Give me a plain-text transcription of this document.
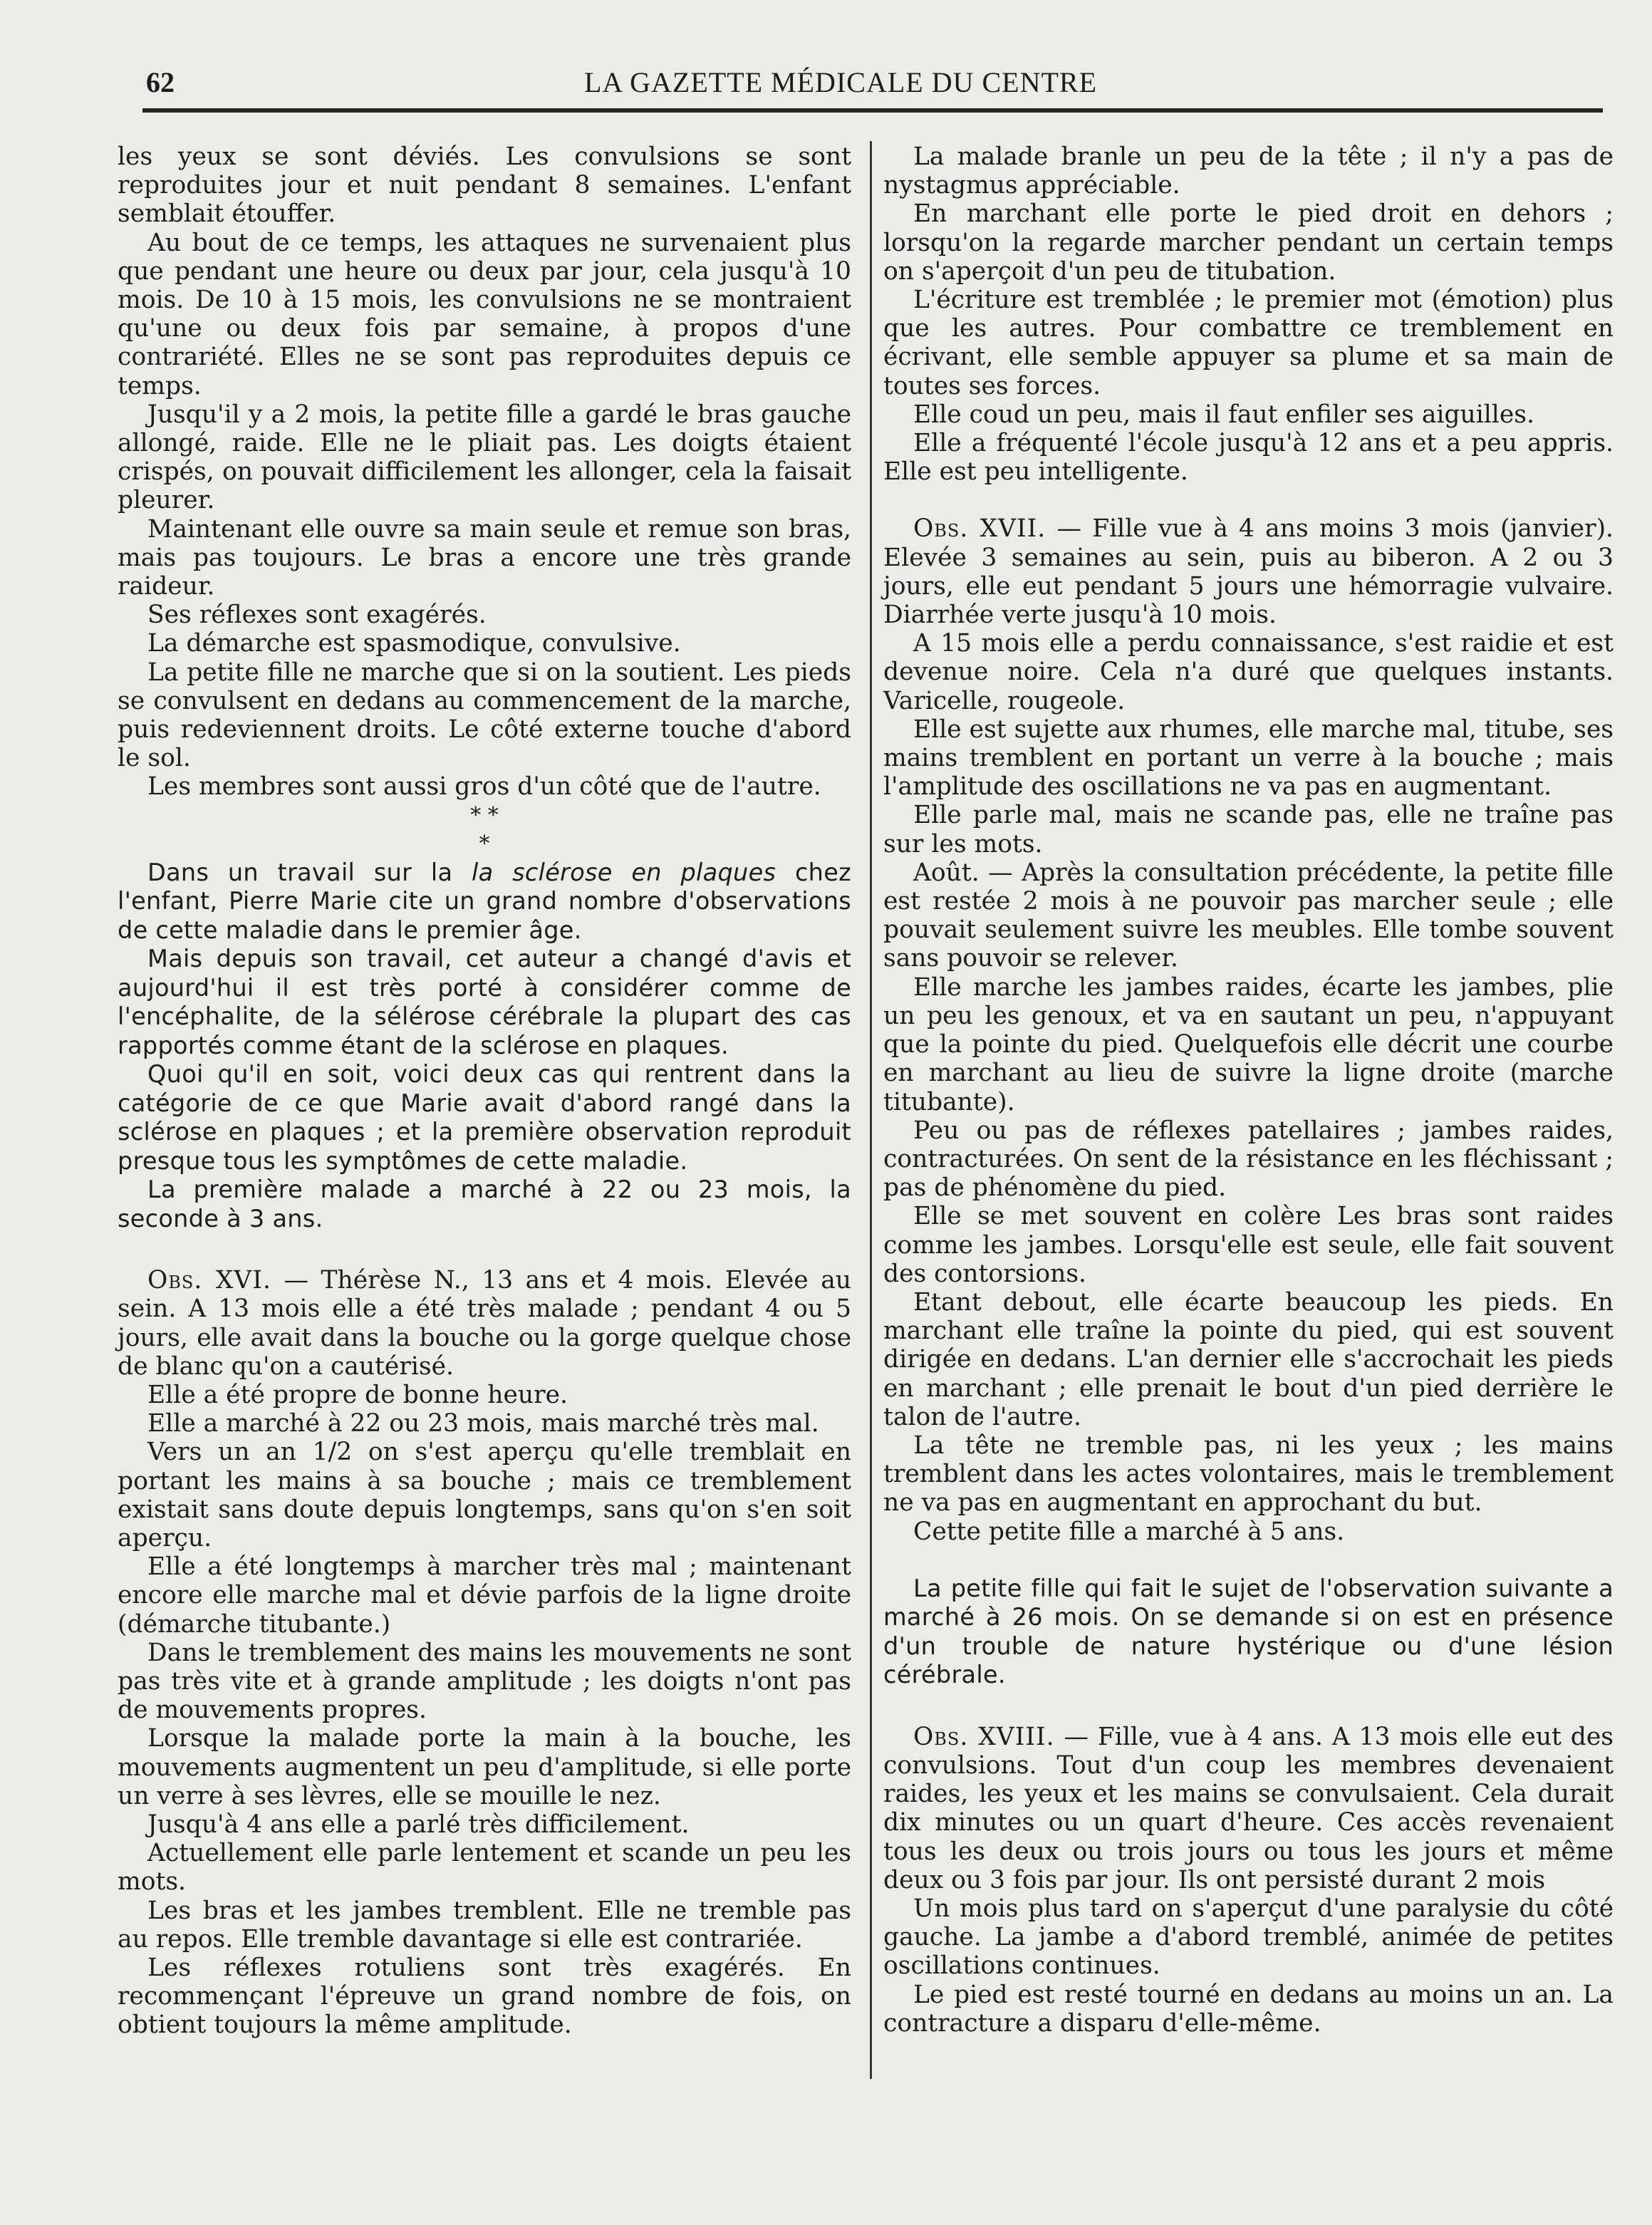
62	LA GAZETTE MÉDICALE DU CENTRE

les yeux se sont déviés. Les convulsions se sont reproduites jour et nuit pendant 8 semaines. L'enfant semblait étouffer.

Au bout de ce temps, les attaques ne survenaient plus que pendant une heure ou deux par jour, cela jusqu'à 10 mois. De 10 à 15 mois, les convulsions ne se montraient qu'une ou deux fois par semaine, à propos d'une contrariété. Elles ne se sont pas reproduites depuis ce temps.

Jusqu'il y a 2 mois, la petite fille a gardé le bras gauche allongé, raide. Elle ne le pliait pas. Les doigts étaient crispés, on pouvait difficilement les allonger, cela la faisait pleurer.

Maintenant elle ouvre sa main seule et remue son bras, mais pas toujours. Le bras a encore une très grande raideur.

Ses réflexes sont exagérés.

La démarche est spasmodique, convulsive.

La petite fille ne marche que si on la soutient. Les pieds se convulsent en dedans au commencement de la marche, puis redeviennent droits. Le côté externe touche d'abord le sol.

Les membres sont aussi gros d'un côté que de l'autre.

* *
*

Dans un travail sur la la sclérose en plaques chez l'enfant, Pierre Marie cite un grand nombre d'observations de cette maladie dans le premier âge.

Mais depuis son travail, cet auteur a changé d'avis et aujourd'hui il est très porté à considérer comme de l'encéphalite, de la sélérose cérébrale la plupart des cas rapportés comme étant de la sclérose en plaques.

Quoi qu'il en soit, voici deux cas qui rentrent dans la catégorie de ce que Marie avait d'abord rangé dans la sclérose en plaques ; et la première observation reproduit presque tous les symptômes de cette maladie.

La première malade a marché à 22 ou 23 mois, la seconde à 3 ans.

Obs. XVI. — Thérèse N., 13 ans et 4 mois. Elevée au sein. A 13 mois elle a été très malade ; pendant 4 ou 5 jours, elle avait dans la bouche ou la gorge quelque chose de blanc qu'on a cautérisé.

Elle a été propre de bonne heure.

Elle a marché à 22 ou 23 mois, mais marché très mal.

Vers un an 1/2 on s'est aperçu qu'elle tremblait en portant les mains à sa bouche ; mais ce tremblement existait sans doute depuis longtemps, sans qu'on s'en soit aperçu.

Elle a été longtemps à marcher très mal ; maintenant encore elle marche mal et dévie parfois de la ligne droite (démarche titubante.)

Dans le tremblement des mains les mouvements ne sont pas très vite et à grande amplitude ; les doigts n'ont pas de mouvements propres.

Lorsque la malade porte la main à la bouche, les mouvements augmentent un peu d'amplitude, si elle porte un verre à ses lèvres, elle se mouille le nez.

Jusqu'à 4 ans elle a parlé très difficilement.

Actuellement elle parle lentement et scande un peu les mots.

Les bras et les jambes tremblent. Elle ne tremble pas au repos. Elle tremble davantage si elle est contrariée.

Les réflexes rotuliens sont très exagérés. En recommençant l'épreuve un grand nombre de fois, on obtient toujours la même amplitude.

La malade branle un peu de la tête ; il n'y a pas de nystagmus appréciable.

En marchant elle porte le pied droit en dehors ; lorsqu'on la regarde marcher pendant un certain temps on s'aperçoit d'un peu de titubation.

L'écriture est tremblée ; le premier mot (émotion) plus que les autres. Pour combattre ce tremblement en écrivant, elle semble appuyer sa plume et sa main de toutes ses forces.

Elle coud un peu, mais il faut enfiler ses aiguilles.

Elle a fréquenté l'école jusqu'à 12 ans et a peu appris. Elle est peu intelligente.

Obs. XVII. — Fille vue à 4 ans moins 3 mois (janvier). Elevée 3 semaines au sein, puis au biberon. A 2 ou 3 jours, elle eut pendant 5 jours une hémorragie vulvaire. Diarrhée verte jusqu'à 10 mois.

A 15 mois elle a perdu connaissance, s'est raidie et est devenue noire. Cela n'a duré que quelques instants. Varicelle, rougeole.

Elle est sujette aux rhumes, elle marche mal, titube, ses mains tremblent en portant un verre à la bouche ; mais l'amplitude des oscillations ne va pas en augmentant.

Elle parle mal, mais ne scande pas, elle ne traîne pas sur les mots.

Août. — Après la consultation précédente, la petite fille est restée 2 mois à ne pouvoir pas marcher seule ; elle pouvait seulement suivre les meubles. Elle tombe souvent sans pouvoir se relever.

Elle marche les jambes raides, écarte les jambes, plie un peu les genoux, et va en sautant un peu, n'appuyant que la pointe du pied. Quelquefois elle décrit une courbe en marchant au lieu de suivre la ligne droite (marche titubante).

Peu ou pas de réflexes patellaires ; jambes raides, contracturées. On sent de la résistance en les fléchissant ; pas de phénomène du pied.

Elle se met souvent en colère Les bras sont raides comme les jambes. Lorsqu'elle est seule, elle fait souvent des contorsions.

Etant debout, elle écarte beaucoup les pieds. En marchant elle traîne la pointe du pied, qui est souvent dirigée en dedans. L'an dernier elle s'accrochait les pieds en marchant ; elle prenait le bout d'un pied derrière le talon de l'autre.

La tête ne tremble pas, ni les yeux ; les mains tremblent dans les actes volontaires, mais le tremblement ne va pas en augmentant en approchant du but.

Cette petite fille a marché à 5 ans.

La petite fille qui fait le sujet de l'observation suivante a marché à 26 mois. On se demande si on est en présence d'un trouble de nature hystérique ou d'une lésion cérébrale.

Obs. XVIII. — Fille, vue à 4 ans. A 13 mois elle eut des convulsions. Tout d'un coup les membres devenaient raides, les yeux et les mains se convulsaient. Cela durait dix minutes ou un quart d'heure. Ces accès revenaient tous les deux ou trois jours ou tous les jours et même deux ou 3 fois par jour. Ils ont persisté durant 2 mois

Un mois plus tard on s'aperçut d'une paralysie du côté gauche. La jambe a d'abord tremblé, animée de petites oscillations continues.

Le pied est resté tourné en dedans au moins un an. La contracture a disparu d'elle-même.
